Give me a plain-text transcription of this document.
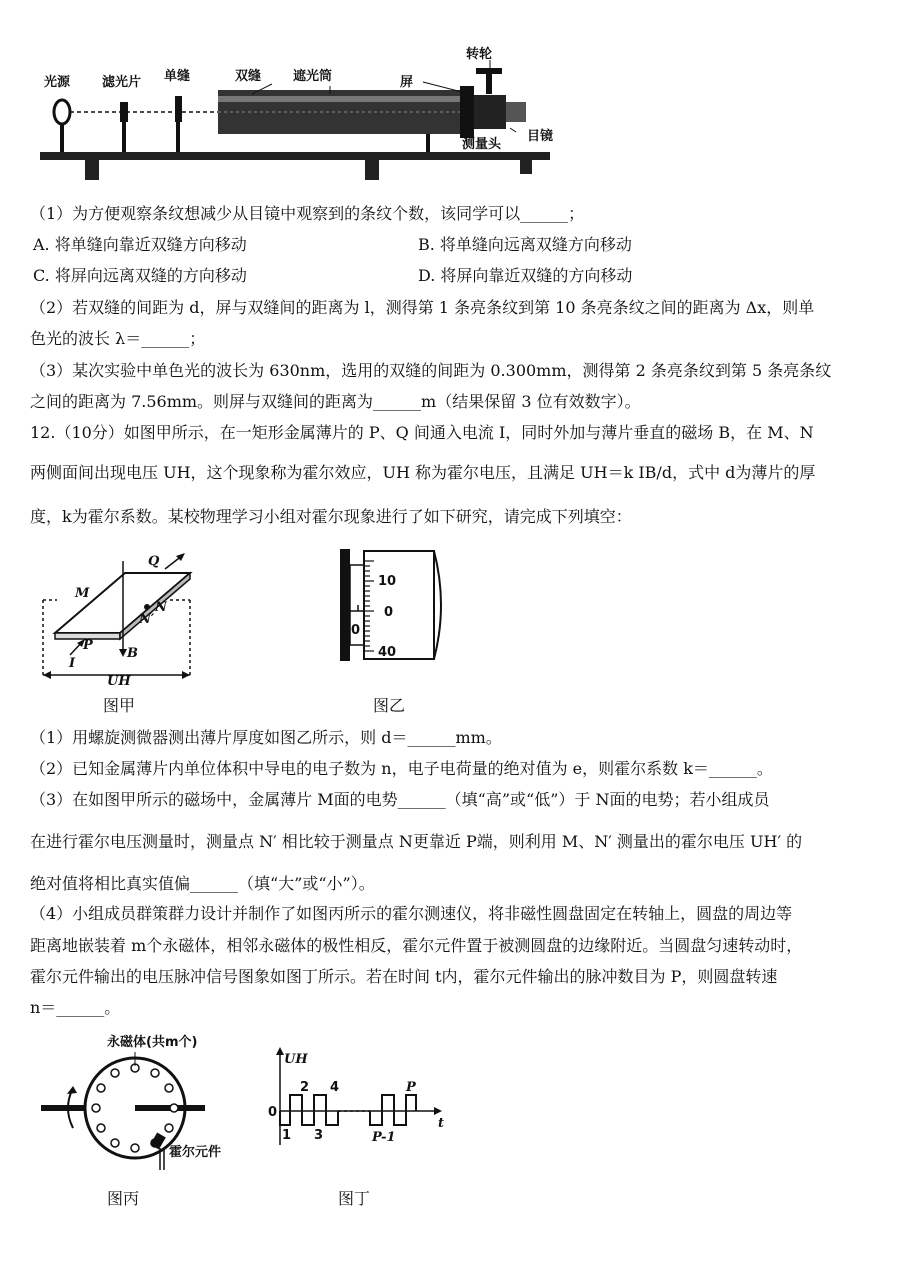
光源 滤光片 单缝	双缝 遮光筒	屏
转轮
测量头
目镜
（1）为方便观察条纹想减少从目镜中观察到的条纹个数，该同学可以______；
A. 将单缝向靠近双缝方向移动	B. 将单缝向远离双缝方向移动
C. 将屏向远离双缝的方向移动	D. 将屏向靠近双缝的方向移动
（2）若双缝的间距为 d，屏与双缝间的距离为 l，测得第 1 条亮条纹到第 10 条亮条纹之间的距离为 Δx，则单
色光的波长 λ＝______；
（3）某次实验中单色光的波长为 630nm，选用的双缝的间距为 0.300mm，测得第 2 条亮条纹到第 5 条亮条纹
之间的距离为 7.56mm。则屏与双缝间的距离为______m（结果保留 3 位有效数字）。
12.（10分）如图甲所示，在一矩形金属薄片的 P、Q 间通入电流 I，同时外加与薄片垂直的磁场 B，在 M、N
两侧面间出现电压 UH，这个现象称为霍尔效应，UH 称为霍尔电压，且满足 UH＝k IB/d，式中 d为薄片的厚
度，k为霍尔系数。某校物理学习小组对霍尔现象进行了如下研究，请完成下列填空：
Q
M
N
N′
P
I
B
UH
图甲
10
0
40
0
图乙
（1）用螺旋测微器测出薄片厚度如图乙所示，则 d＝______mm。
（2）已知金属薄片内单位体积中导电的电子数为 n，电子电荷量的绝对值为 e，则霍尔系数 k＝______。
（3）在如图甲所示的磁场中，金属薄片 M面的电势______（填“高”或“低”）于 N面的电势；若小组成员
在进行霍尔电压测量时，测量点 N′ 相比较于测量点 N更靠近 P端，则利用 M、N′ 测量出的霍尔电压 UH′ 的
绝对值将相比真实值偏______（填“大”或“小”）。
（4）小组成员群策群力设计并制作了如图丙所示的霍尔测速仪，将非磁性圆盘固定在转轴上，圆盘的周边等
距离地嵌装着 m个永磁体，相邻永磁体的极性相反，霍尔元件置于被测圆盘的边缘附近。当圆盘匀速转动时，
霍尔元件输出的电压脉冲信号图象如图丁所示。若在时间 t内，霍尔元件输出的脉冲数目为 P，则圆盘转速
n＝______。
永磁体(共m个)
霍尔元件
图丙
UH
0
t
1
2
3
4	P
P-1
图丁
